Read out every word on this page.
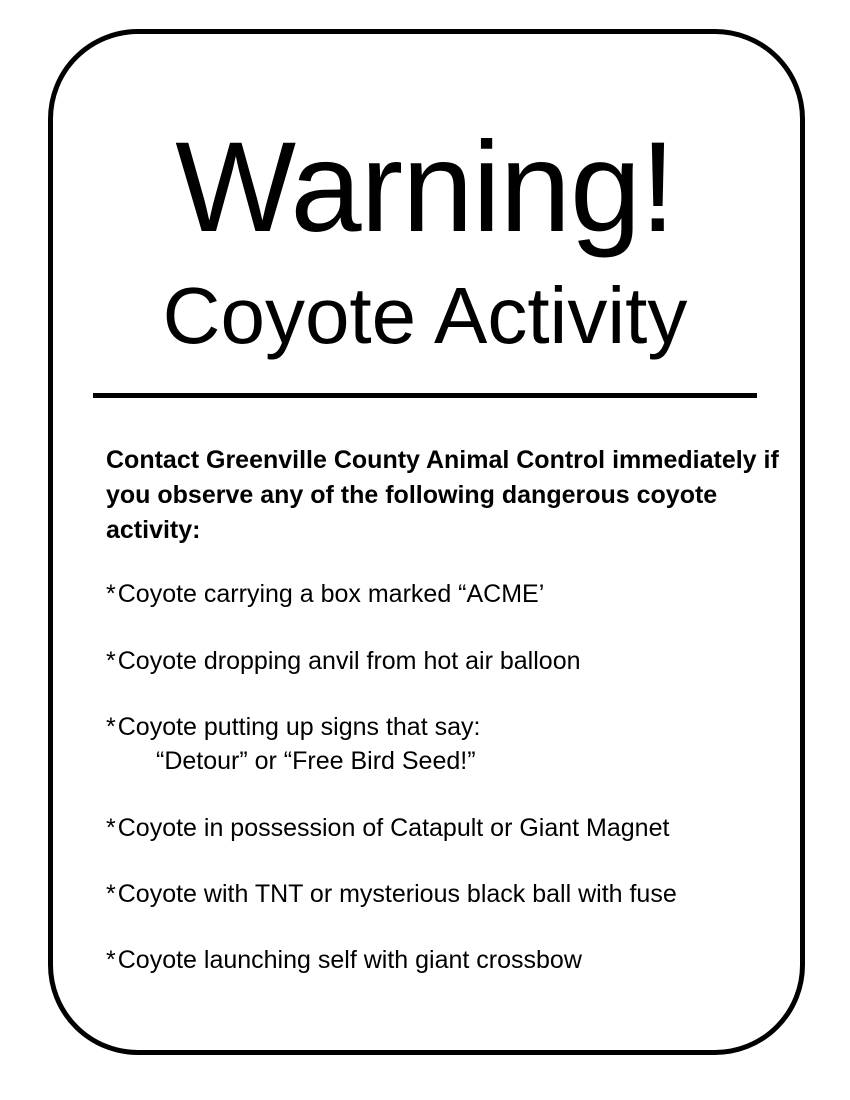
Warning!
Coyote Activity

Contact Greenville County Animal Control immediately if you observe any of the following dangerous coyote activity:

*Coyote carrying a box marked “ACME’

*Coyote dropping anvil from hot air balloon

*Coyote putting up signs that say:
“Detour” or “Free Bird Seed!”

*Coyote in possession of Catapult or Giant Magnet

*Coyote with TNT or mysterious black ball with fuse

*Coyote launching self with giant crossbow
